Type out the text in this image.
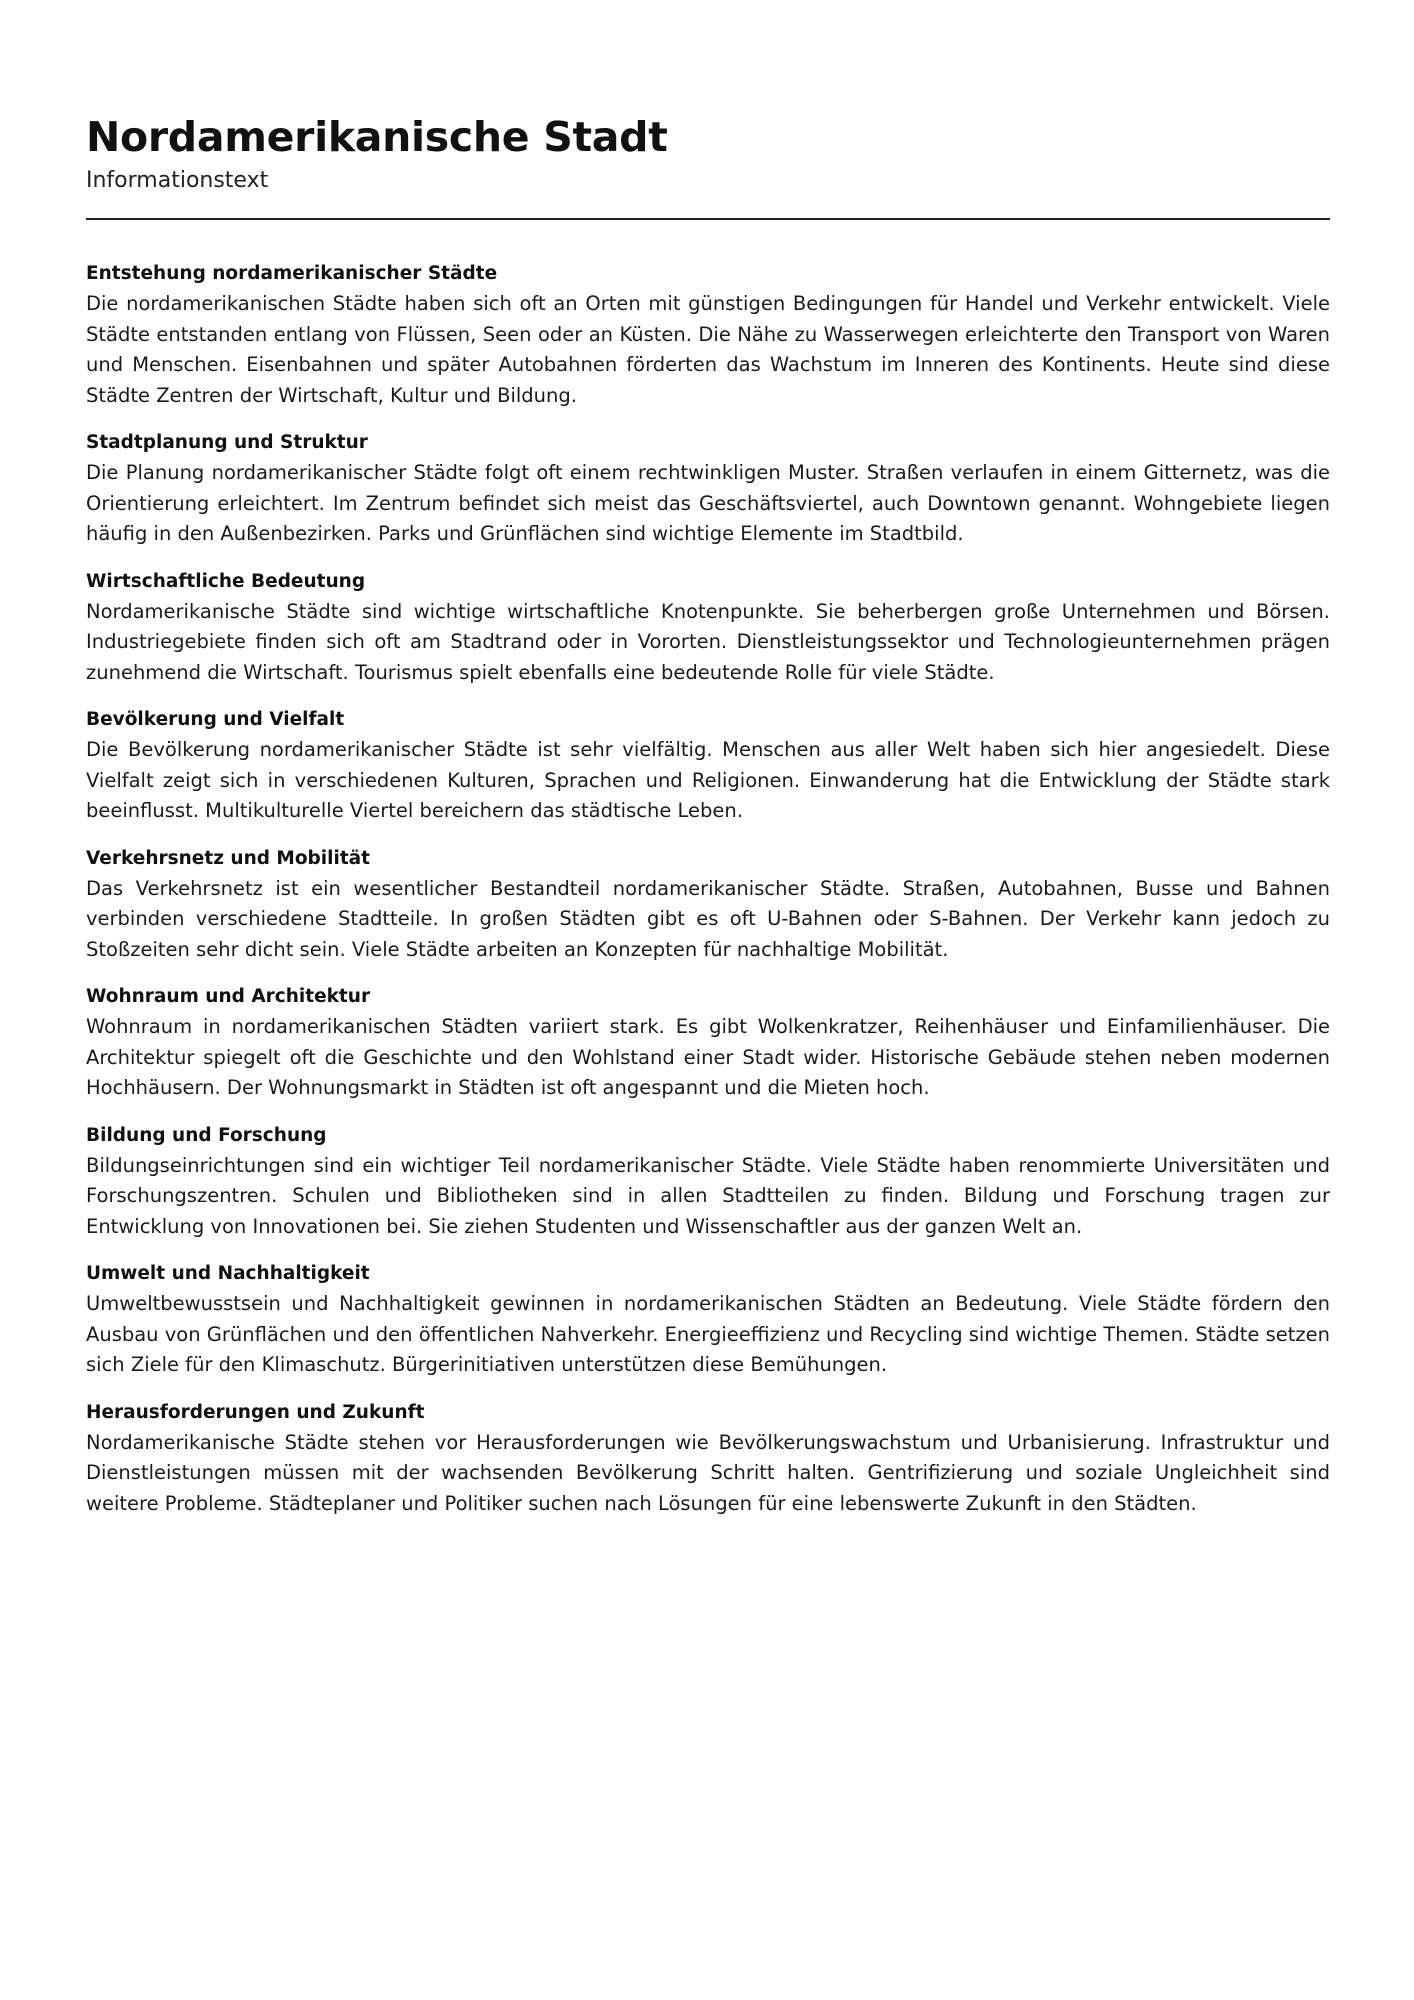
Nordamerikanische Stadt

Informationstext

Entstehung nordamerikanischer Städte

Die nordamerikanischen Städte haben sich oft an Orten mit günstigen Bedingungen für Handel und Verkehr entwickelt. Viele Städte entstanden entlang von Flüssen, Seen oder an Küsten. Die Nähe zu Wasserwegen erleichterte den Transport von Waren und Menschen. Eisenbahnen und später Autobahnen förderten das Wachstum im Inneren des Kontinents. Heute sind diese Städte Zentren der Wirtschaft, Kultur und Bildung.

Stadtplanung und Struktur

Die Planung nordamerikanischer Städte folgt oft einem rechtwinkligen Muster. Straßen verlaufen in einem Gitternetz, was die Orientierung erleichtert. Im Zentrum befindet sich meist das Geschäftsviertel, auch Downtown genannt. Wohngebiete liegen häufig in den Außenbezirken. Parks und Grünflächen sind wichtige Elemente im Stadtbild.

Wirtschaftliche Bedeutung

Nordamerikanische Städte sind wichtige wirtschaftliche Knotenpunkte. Sie beherbergen große Unternehmen und Börsen. Industriegebiete finden sich oft am Stadtrand oder in Vororten. Dienstleistungssektor und Technologieunternehmen prägen zunehmend die Wirtschaft. Tourismus spielt ebenfalls eine bedeutende Rolle für viele Städte.

Bevölkerung und Vielfalt

Die Bevölkerung nordamerikanischer Städte ist sehr vielfältig. Menschen aus aller Welt haben sich hier angesiedelt. Diese Vielfalt zeigt sich in verschiedenen Kulturen, Sprachen und Religionen. Einwanderung hat die Entwicklung der Städte stark beeinflusst. Multikulturelle Viertel bereichern das städtische Leben.

Verkehrsnetz und Mobilität

Das Verkehrsnetz ist ein wesentlicher Bestandteil nordamerikanischer Städte. Straßen, Autobahnen, Busse und Bahnen verbinden verschiedene Stadtteile. In großen Städten gibt es oft U-Bahnen oder S-Bahnen. Der Verkehr kann jedoch zu Stoßzeiten sehr dicht sein. Viele Städte arbeiten an Konzepten für nachhaltige Mobilität.

Wohnraum und Architektur

Wohnraum in nordamerikanischen Städten variiert stark. Es gibt Wolkenkratzer, Reihenhäuser und Einfamilienhäuser. Die Architektur spiegelt oft die Geschichte und den Wohlstand einer Stadt wider. Historische Gebäude stehen neben modernen Hochhäusern. Der Wohnungsmarkt in Städten ist oft angespannt und die Mieten hoch.

Bildung und Forschung

Bildungseinrichtungen sind ein wichtiger Teil nordamerikanischer Städte. Viele Städte haben renommierte Universitäten und Forschungszentren. Schulen und Bibliotheken sind in allen Stadtteilen zu finden. Bildung und Forschung tragen zur Entwicklung von Innovationen bei. Sie ziehen Studenten und Wissenschaftler aus der ganzen Welt an.

Umwelt und Nachhaltigkeit

Umweltbewusstsein und Nachhaltigkeit gewinnen in nordamerikanischen Städten an Bedeutung. Viele Städte fördern den Ausbau von Grünflächen und den öffentlichen Nahverkehr. Energieeffizienz und Recycling sind wichtige Themen. Städte setzen sich Ziele für den Klimaschutz. Bürgerinitiativen unterstützen diese Bemühungen.

Herausforderungen und Zukunft

Nordamerikanische Städte stehen vor Herausforderungen wie Bevölkerungswachstum und Urbanisierung. Infrastruktur und Dienstleistungen müssen mit der wachsenden Bevölkerung Schritt halten. Gentrifizierung und soziale Ungleichheit sind weitere Probleme. Städteplaner und Politiker suchen nach Lösungen für eine lebenswerte Zukunft in den Städten.
